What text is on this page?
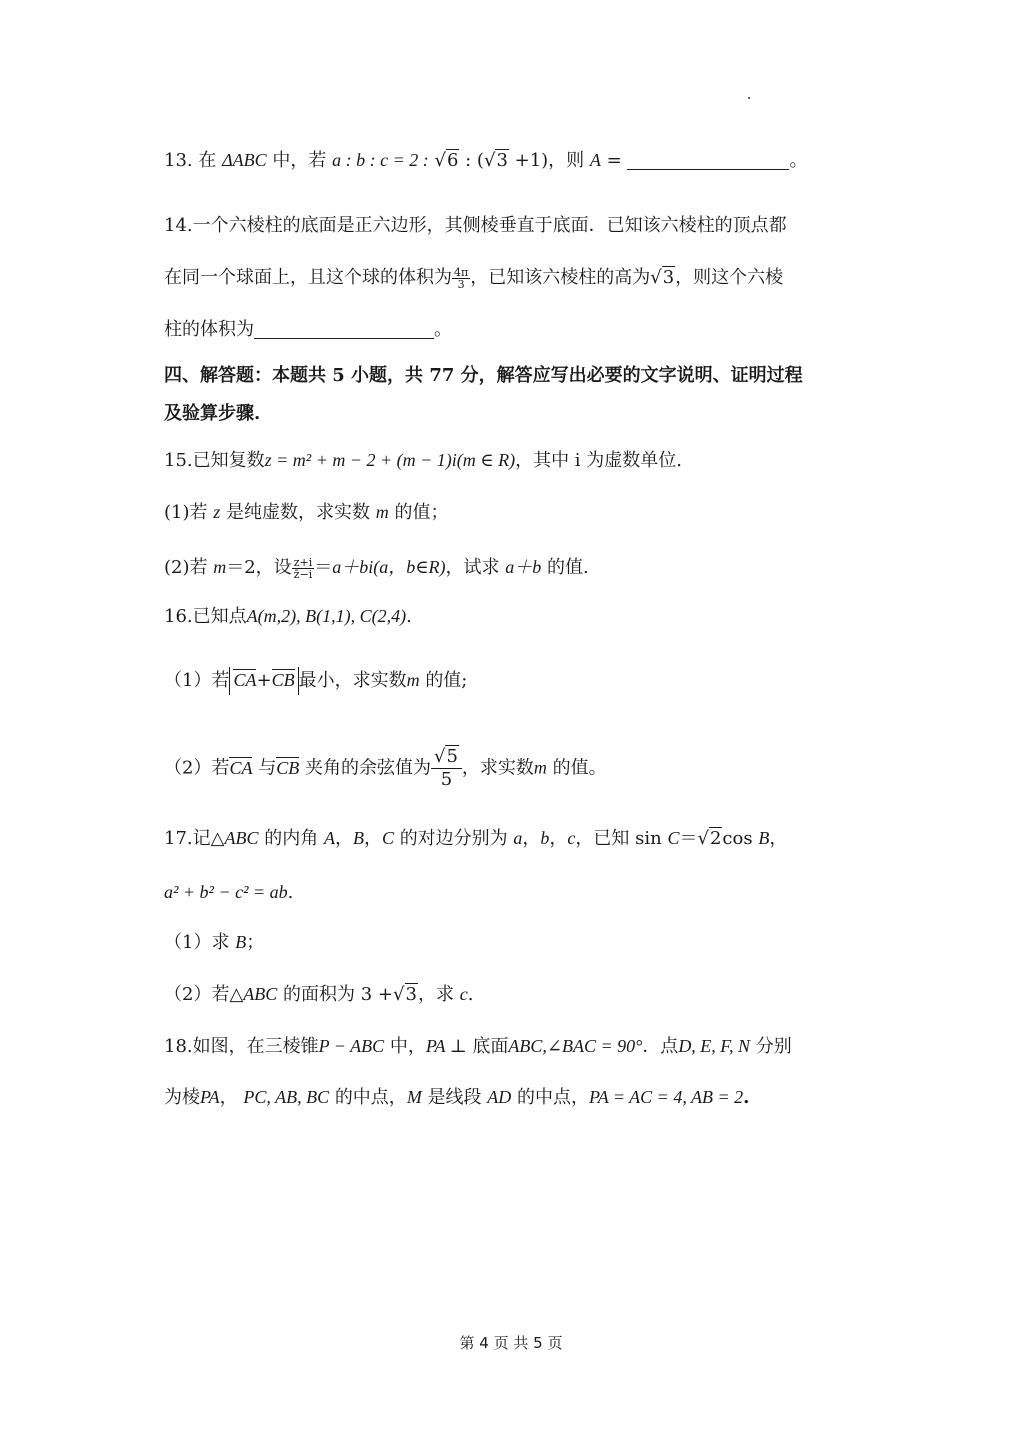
13. 在 ΔABC 中，若 a : b : c = 2 : √6 : (√3 +1)，则 A =	。
14.一个六棱柱的底面是正六边形，其侧棱垂直于底面．已知该六棱柱的顶点都
在同一个球面上，且这个球的体积为 $\frac{4\pi}{3}$ ，已知该六棱柱的高为√3，则这个六棱
柱的体积为	。
四、解答题：本题共 5 小题，共 77 分，解答应写出必要的文字说明、证明过程
及验算步骤.
15.已知复数z = m² + m − 2 + (m − 1)i(m ∈ R)，其中 i 为虚数单位.
(1)若 z 是纯虚数，求实数 m 的值；
(2)若 m＝2，设 $\frac{z+i}{z̄-i} =a+bi(a$，b∈R)，试求 a＋b 的值.
16.已知点A(m,2), B(1,1), C(2,4).
（1）若 CA+CB 最小，求实数m 的值;
（2）若CA 与CB 夹角的余弦值为 $\frac{√5}{5}$ ，求实数m 的值。
17.记△ABC 的内角 A，B，C 的对边分别为 a，b，c，已知 sin C＝√2cos B，
a² + b² − c² = ab.
（1）求 B；
（2）若△ABC 的面积为 3 +√3，求 c.
18.如图，在三棱锥P − ABC 中，PA ⊥ 底面ABC,∠BAC = 90°．点D, E, F, N 分别
为棱PA， PC, AB, BC 的中点，M 是线段 AD 的中点，PA = AC = 4, AB = 2.
第 4 页 共 5 页
